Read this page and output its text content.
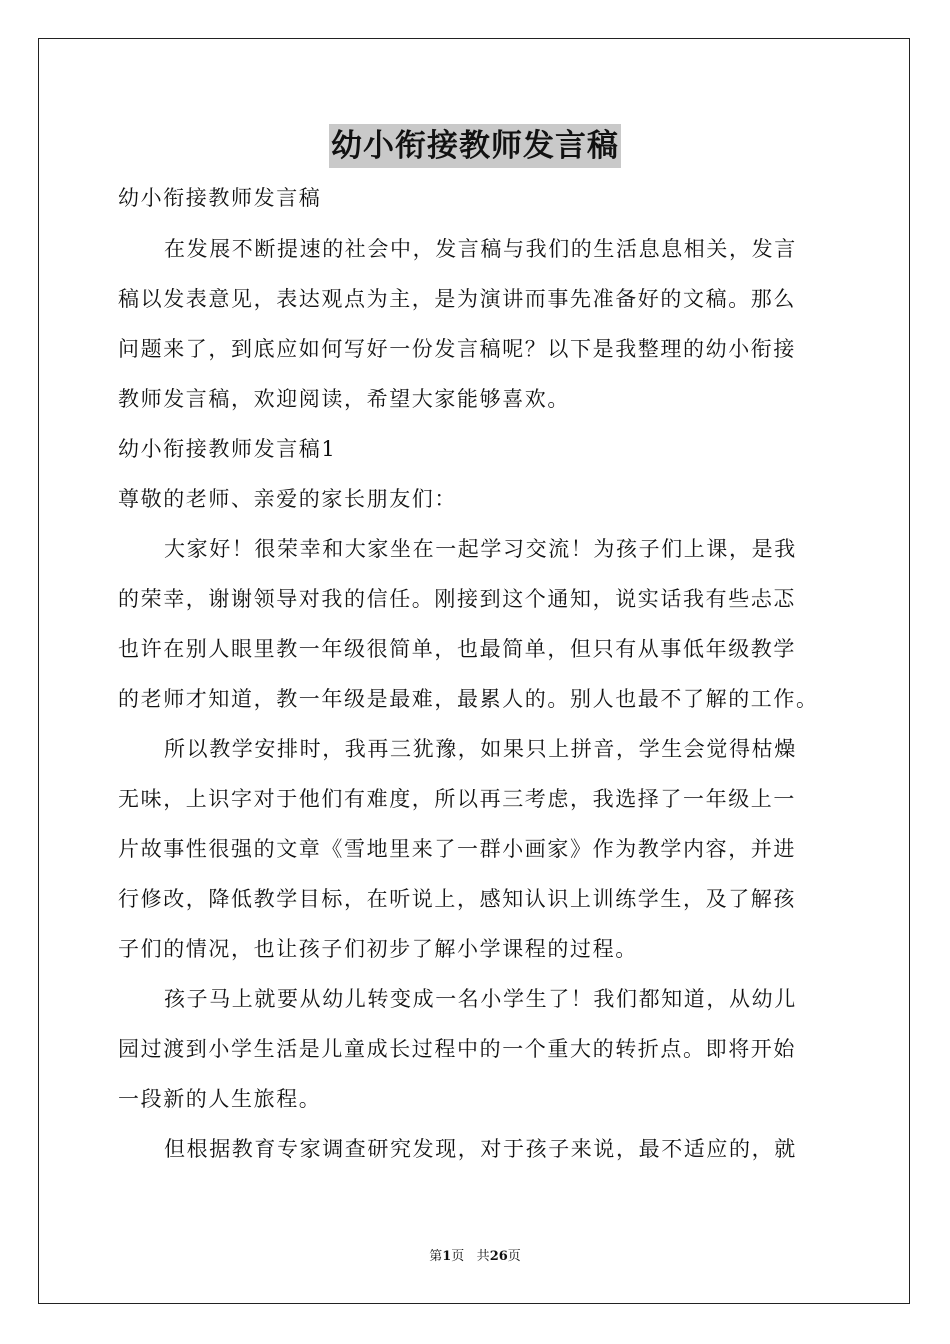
幼小衔接教师发言稿
幼小衔接教师发言稿
在发展不断提速的社会中，发言稿与我们的生活息息相关，发言
稿以发表意见，表达观点为主，是为演讲而事先准备好的文稿。那么
问题来了，到底应如何写好一份发言稿呢？以下是我整理的幼小衔接
教师发言稿，欢迎阅读，希望大家能够喜欢。
幼小衔接教师发言稿1
尊敬的老师、亲爱的家长朋友们：
大家好！很荣幸和大家坐在一起学习交流！为孩子们上课，是我
的荣幸，谢谢领导对我的信任。刚接到这个通知，说实话我有些忐忑
也许在别人眼里教一年级很简单，也最简单，但只有从事低年级教学
的老师才知道，教一年级是最难，最累人的。别人也最不了解的工作。
所以教学安排时，我再三犹豫，如果只上拼音，学生会觉得枯燥
无味，上识字对于他们有难度，所以再三考虑，我选择了一年级上一
片故事性很强的文章《雪地里来了一群小画家》作为教学内容，并进
行修改，降低教学目标，在听说上，感知认识上训练学生，及了解孩
子们的情况，也让孩子们初步了解小学课程的过程。
孩子马上就要从幼儿转变成一名小学生了！我们都知道，从幼儿
园过渡到小学生活是儿童成长过程中的一个重大的转折点。即将开始
一段新的人生旅程。
但根据教育专家调查研究发现，对于孩子来说，最不适应的，就
第1页 共26页
